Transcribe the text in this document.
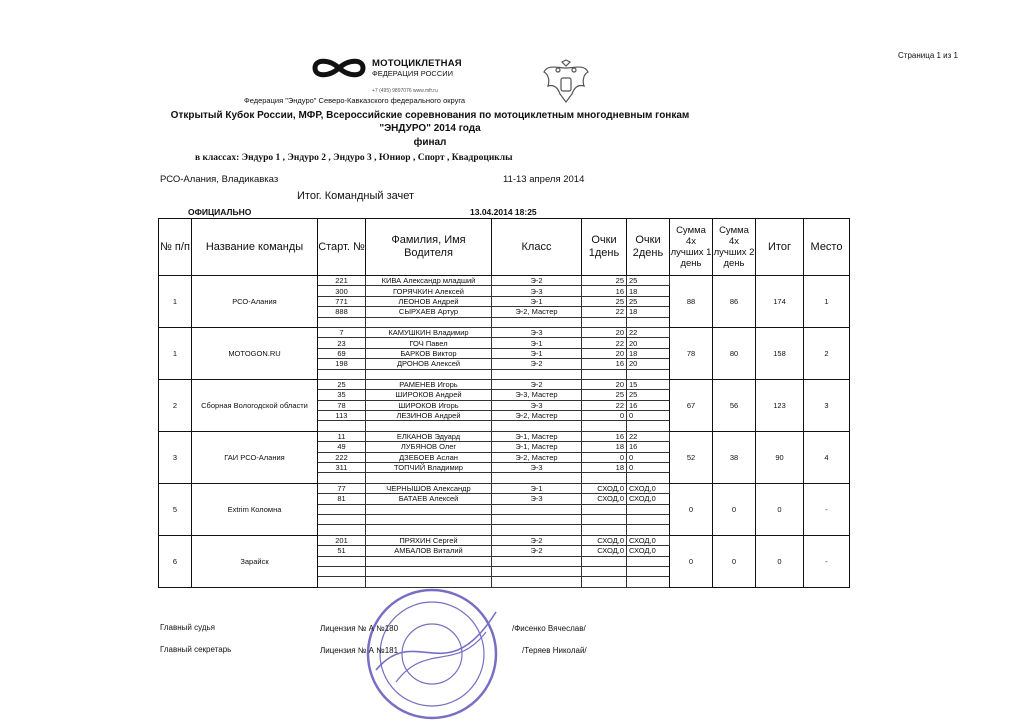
Страница 1 из 1
МОТОЦИКЛЕТНАЯ
ФЕДЕРАЦИЯ РОССИИ
+7 (495) 9897076 www.mfr.ru
Федерация "Эндуро" Северо-Кавказского федерального округа
Открытый Кубок России, МФР, Всероссийские соревнования по мотоциклетным многодневным гонкам "ЭНДУРО" 2014 года
финал
в классах: Эндуро 1 , Эндуро 2 , Эндуро 3 , Юниор , Спорт , Квадроциклы
РСО-Алания, Владикавказ	11-13 апреля 2014
Итог. Командный зачет
ОФИЦИАЛЬНО	13.04.2014 18:25
№ п/п	Название команды	Старт. №	Фамилия, Имя Водителя	Класс	Очки 1день	Очки 2день	Сумма 4х лучших 1 день	Сумма 4х лучших 2 день	Итог	Место
1	РСО-Алания	221	КИВА Александр младший	Э-2	25	25	88	86	174	1
		300	ГОРЯЧКИН Алексей	Э-3	16	18				
		771	ЛЕОНОВ Андрей	Э-1	25	25				
		888	СЫРХАЕВ Артур	Э-2, Мастер	22	18				

1	MOTOGON.RU	7	КАМУШКИН Владимир	Э-3	20	22	78	80	158	2
		23	ГОЧ Павел	Э-1	22	20				
		69	БАРКОВ Виктор	Э-1	20	18				
		198	ДРОНОВ Алексей	Э-2	16	20				

2	Сборная Вологодской области	25	РАМЕНЕВ Игорь	Э-2	20	15	67	56	123	3
		35	ШИРОКОВ Андрей	Э-3, Мастер	25	25				
		78	ШИРОКОВ Игорь	Э-3	22	16				
		113	ЛЕЗИНОВ Андрей	Э-2, Мастер	0	0				

3	ГАИ РСО-Алания	11	ЕЛКАНОВ Эдуард	Э-1, Мастер	16	22	52	38	90	4
		49	ЛУБЯНОВ Олег	Э-1, Мастер	18	16				
		222	ДЗЕБОЕВ Аслан	Э-2, Мастер	0	0				
		311	ТОПЧИЙ Владимир	Э-3	18	0				

5	Extrim Коломна	77	ЧЕРНЫШОВ Александр	Э-1	СХОД,0	СХОД,0	0	0	0	-
		81	БАТАЕВ Алексей	Э-3	СХОД,0	СХОД,0				

6	Зарайск	201	ПРЯХИН Сергей	Э-2	СХОД,0	СХОД,0	0	0	0	-
		51	АМБАЛОВ Виталий	Э-2	СХОД,0	СХОД,0				

Главный судья	Лицензия № А №180	/Фисенко Вячеслав/
Главный секретарь	Лицензия № А №181	/Теряев Николай/
